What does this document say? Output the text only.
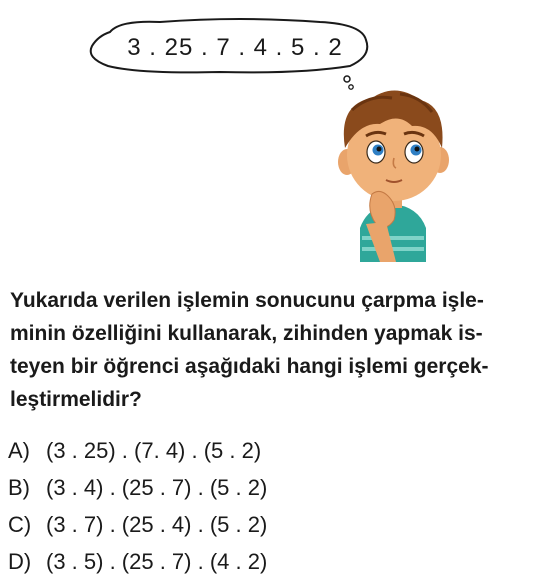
3 . 25 . 7 . 4 . 5 . 2
Yukarıda verilen işlemin sonucunu çarpma işle-
minin özelliğini kullanarak, zihinden yapmak is-
teyen bir öğrenci aşağıdaki hangi işlemi gerçek-
leştirmelidir?
A) (3 . 25) . (7. 4) . (5 . 2)
B) (3 . 4) . (25 . 7) . (5 . 2)
C) (3 . 7) . (25 . 4) . (5 . 2)
D) (3 . 5) . (25 . 7) . (4 . 2)
